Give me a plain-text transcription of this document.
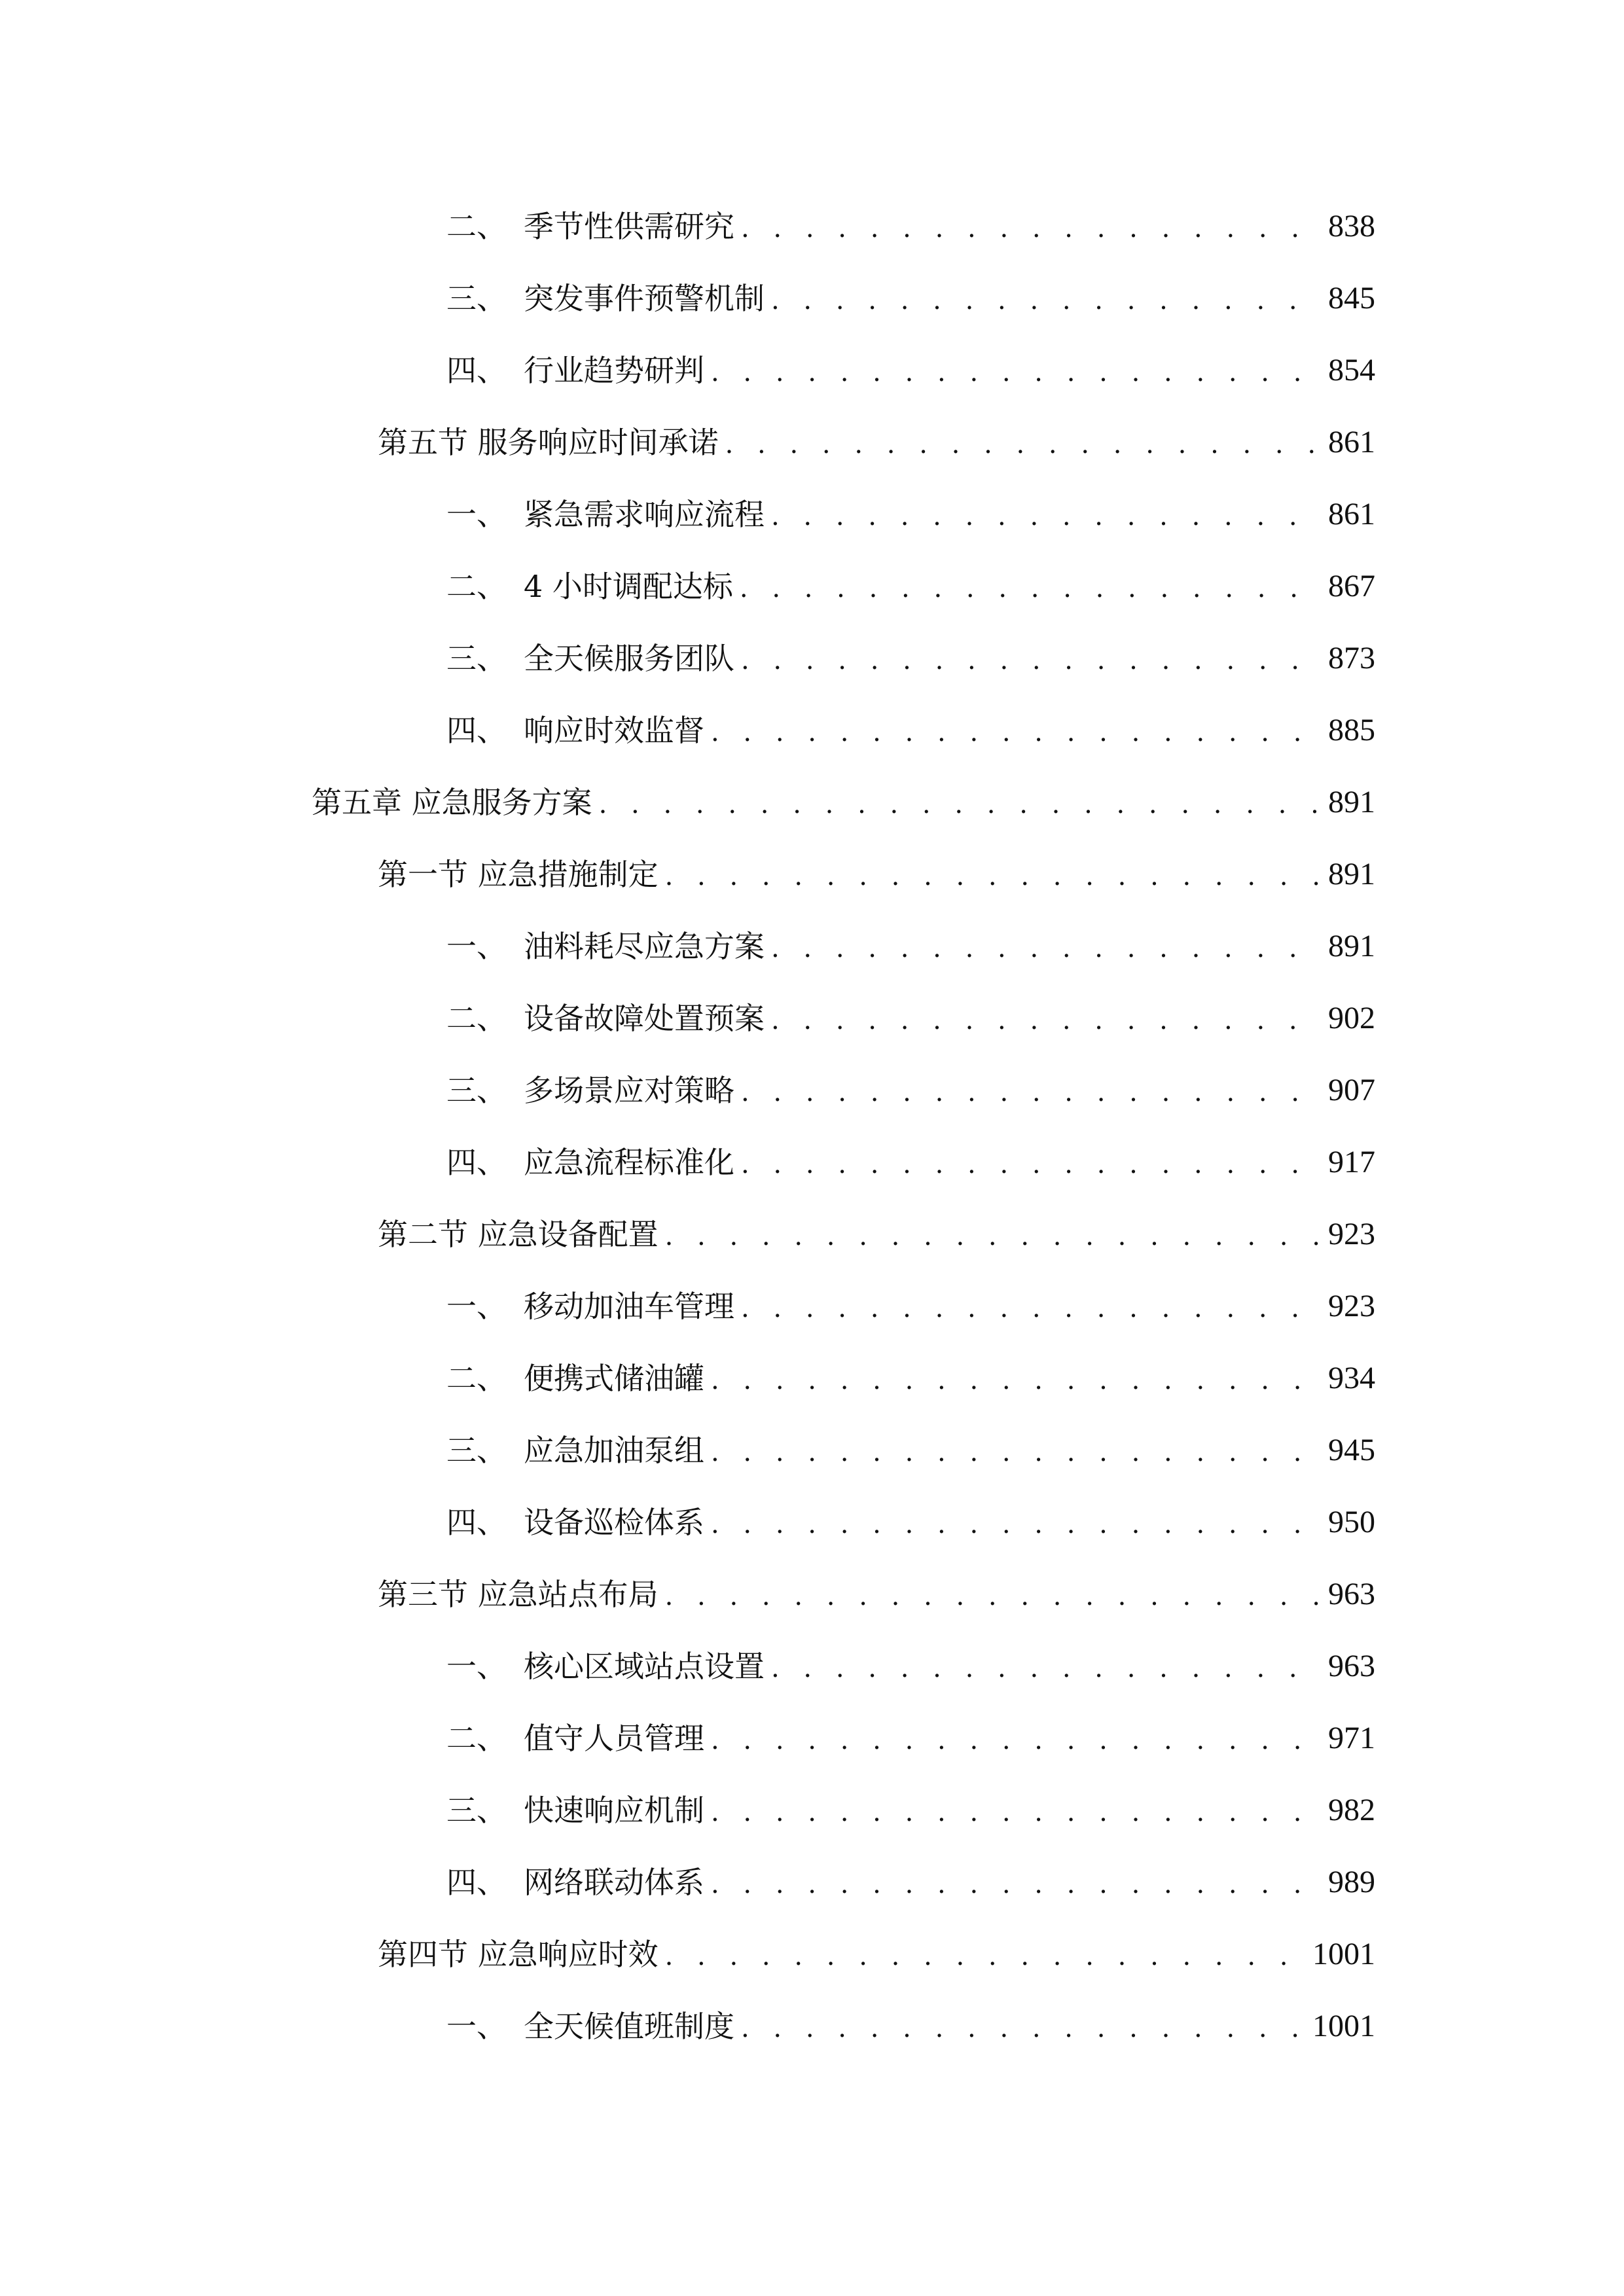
二、 季节性供需研究 . . .	838
三、 突发事件预警机制 . . .	845
四、 行业趋势研判 . . .	854
第五节 服务响应时间承诺 . . .	861
一、 紧急需求响应流程 . . .	861
二、 4 小时调配达标 . . .	867
三、 全天候服务团队 . . .	873
四、 响应时效监督 . . .	885
第五章 应急服务方案 . . .	891
第一节 应急措施制定 . . .	891
一、 油料耗尽应急方案 . . .	891
二、 设备故障处置预案 . . .	902
三、 多场景应对策略 . . .	907
四、 应急流程标准化 . . .	917
第二节 应急设备配置 . . .	923
一、 移动加油车管理 . . .	923
二、 便携式储油罐 . . .	934
三、 应急加油泵组 . . .	945
四、 设备巡检体系 . . .	950
第三节 应急站点布局 . . .	963
一、 核心区域站点设置 . . .	963
二、 值守人员管理 . . .	971
三、 快速响应机制 . . .	982
四、 网络联动体系 . . .	989
第四节 应急响应时效 . . .	1001
一、 全天候值班制度 . . .	1001
